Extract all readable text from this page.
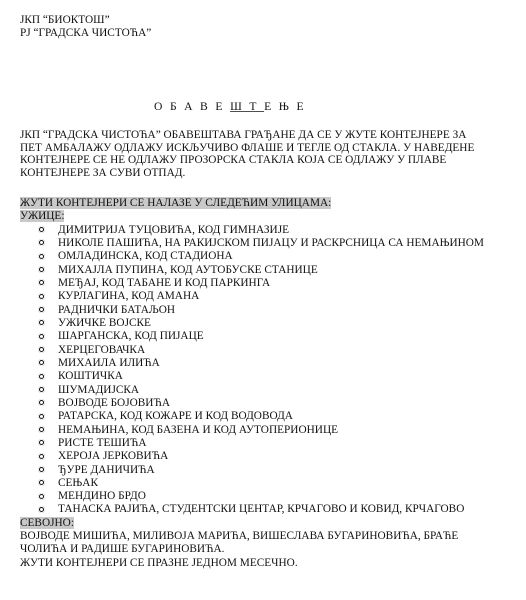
ЈКП “БИОКТОШ”
РЈ “ГРАДСКА ЧИСТОЋА”
ОБАВЕШТЕЊЕ
ЈКП “ГРАДСКА ЧИСТОЋА” ОБАВЕШТАВА ГРАЂАНЕ ДА СЕ У ЖУТЕ КОНТЕЈНЕРЕ ЗА
ПЕТ АМБАЛАЖУ ОДЛАЖУ ИСКЉУЧИВО ФЛАШЕ И ТЕГЛЕ ОД СТАКЛА. У НАВЕДЕНЕ
КОНТЕЈНЕРЕ СЕ НЕ ОДЛАЖУ ПРОЗОРСКА СТАКЛА КОЈА СЕ ОДЛАЖУ У ПЛАВЕ
КОНТЕЈНЕРЕ ЗА СУВИ ОТПАД.
ЖУТИ КОНТЕЈНЕРИ СЕ НАЛАЗЕ У СЛЕДЕЋИМ УЛИЦАМА:
УЖИЦЕ:
ДИМИТРИЈА ТУЦОВИЋА, КОД ГИМНАЗИЈЕ
НИКОЛЕ ПАШИЋА, НА РАКИЈСКОМ ПИЈАЦУ И РАСКРСНИЦА СА НЕМАЊИНОМ
ОМЛАДИНСКА, КОД СТАДИОНА
МИХАЈЛА ПУПИНА, КОД АУТОБУСКЕ СТАНИЦЕ
МЕЂАЈ, КОД ТАБАНЕ И КОД ПАРКИНГА
КУРЛАГИНА, КОД АМАНА
РАДНИЧКИ БАТАЉОН
УЖИЧКЕ ВОЈСКЕ
ШАРГАНСКА, КОД ПИЈАЦЕ
ХЕРЦЕГОВАЧКА
МИХАИЛА ИЛИЋА
КОШТИЧКА
ШУМАДИЈСКА
ВОЈВОДЕ БОЈОВИЋА
РАТАРСКА, КОД КОЖАРЕ И КОД ВОДОВОДА
НЕМАЊИНА, КОД БАЗЕНА И КОД АУТОПЕРИОНИЦЕ
РИСТЕ ТЕШИЋА
ХЕРОЈА ЈЕРКОВИЋА
ЂУРЕ ДАНИЧИЋА
СЕЊАК
МЕНДИНО БРДО
ТАНАСКА РАЈИЋА, СТУДЕНТСКИ ЦЕНТАР, КРЧАГОВО И КОВИД, КРЧАГОВО
СЕВОЈНО:
ВОЈВОДЕ МИШИЋА, МИЛИВОЈА МАРИЋА, ВИШЕСЛАВА БУГАРИНОВИЋА, БРАЋЕ
ЧОЛИЋА И РАДИШЕ БУГАРИНОВИЋА.
ЖУТИ КОНТЕЈНЕРИ СЕ ПРАЗНЕ ЈЕДНОМ МЕСЕЧНО.
